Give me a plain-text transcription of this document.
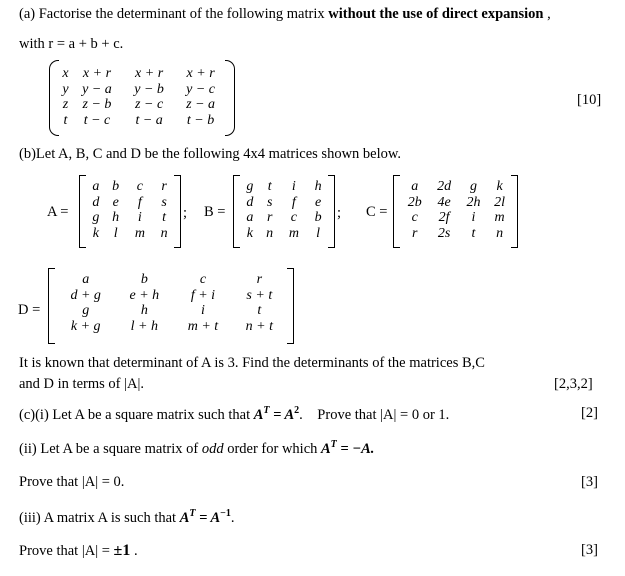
(a) Factorise the determinant of the following matrix without the use of direct expansion ,
with r = a + b + c.
x	x + r	x + r	x + r
y	y − a	y − b	y − c
z	z − b	z − c	z − a
t	t − c	t − a	t − b
[10]
(b)Let A, B, C and D be the following 4x4 matrices shown below.
A =
a	b	c	r
d	e	f	s
g	h	i	t
k	l	m	n
; B =
g	t	i	h
d	s	f	e
a	r	c	b
k	n	m	l
; C =
a	2d	g	k
2b	4e	2h	2l
c	2f	i	m
r	2s	t	n
D =
a	b	c	r
d + g	e + h	f + i	s + t
g	h	i	t
k + g	l + h	m + t	n + t
It is known that determinant of A is 3. Find the determinants of the matrices B,C
and D in terms of |A|.	[2,3,2]
(c)(i) Let A be a square matrix such that $A^T = A^2$.    Prove that |A| = 0 or 1.	[2]
(ii) Let A be a square matrix of odd order for which $A^T = -A$.
Prove that |A| = 0.	[3]
(iii) A matrix A is such that $A^T = A^{-1}$.
Prove that |A| = ±1 .	[3]
